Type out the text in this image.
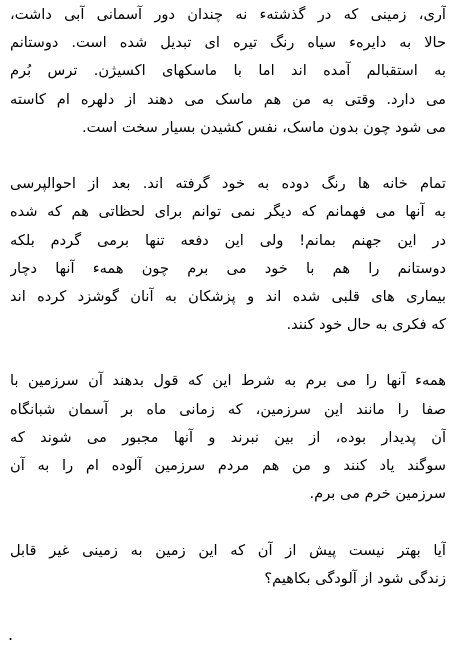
آری، زمینی که در گذشته‌ء نه چندان دور آسمانی آبی داشت،
حالا به دایره‌ء سیاه رنگ تیره ای تبدیل شده است. دوستانم
به استقبالم آمده اند اما با ماسکهای اکسیژن. ترس بُرم
می دارد. وقتی به من هم ماسک می دهند از دلهره ام کاسته
می شود چون بدون ماسک، نفس کشیدن بسیار سخت است.
تمام خانه ها رنگ دوده به خود گرفته اند. بعد از احوالپرسی
به آنها می فهمانم که دیگر نمی توانم برای لحظاتی هم که شده
در این جهنم بمانم! ولی این دفعه تنها برمی گردم بلکه
دوستانم را هم با خود می برم چون همه‌ء آنها دچار
بیماری های قلبی شده اند و پزشکان به آنان گوشزد کرده اند
که فکری به حال خود کنند.
همه‌ء آنها را می برم به شرط این که قول بدهند آن سرزمین با
صفا را مانند این سرزمین، که زمانی ماه بر آسمان شبانگاه
آن پدیدار بوده، از بین نبرند و آنها مجبور می شوند که
سوگند یاد کنند و من هم مردم سرزمین آلوده ام را به آن
سرزمین خرم می برم.
آیا بهتر نیست پیش از آن که این زمین به زمینی غیر قابل
زندگی شود از آلودگی بکاهیم؟
.
